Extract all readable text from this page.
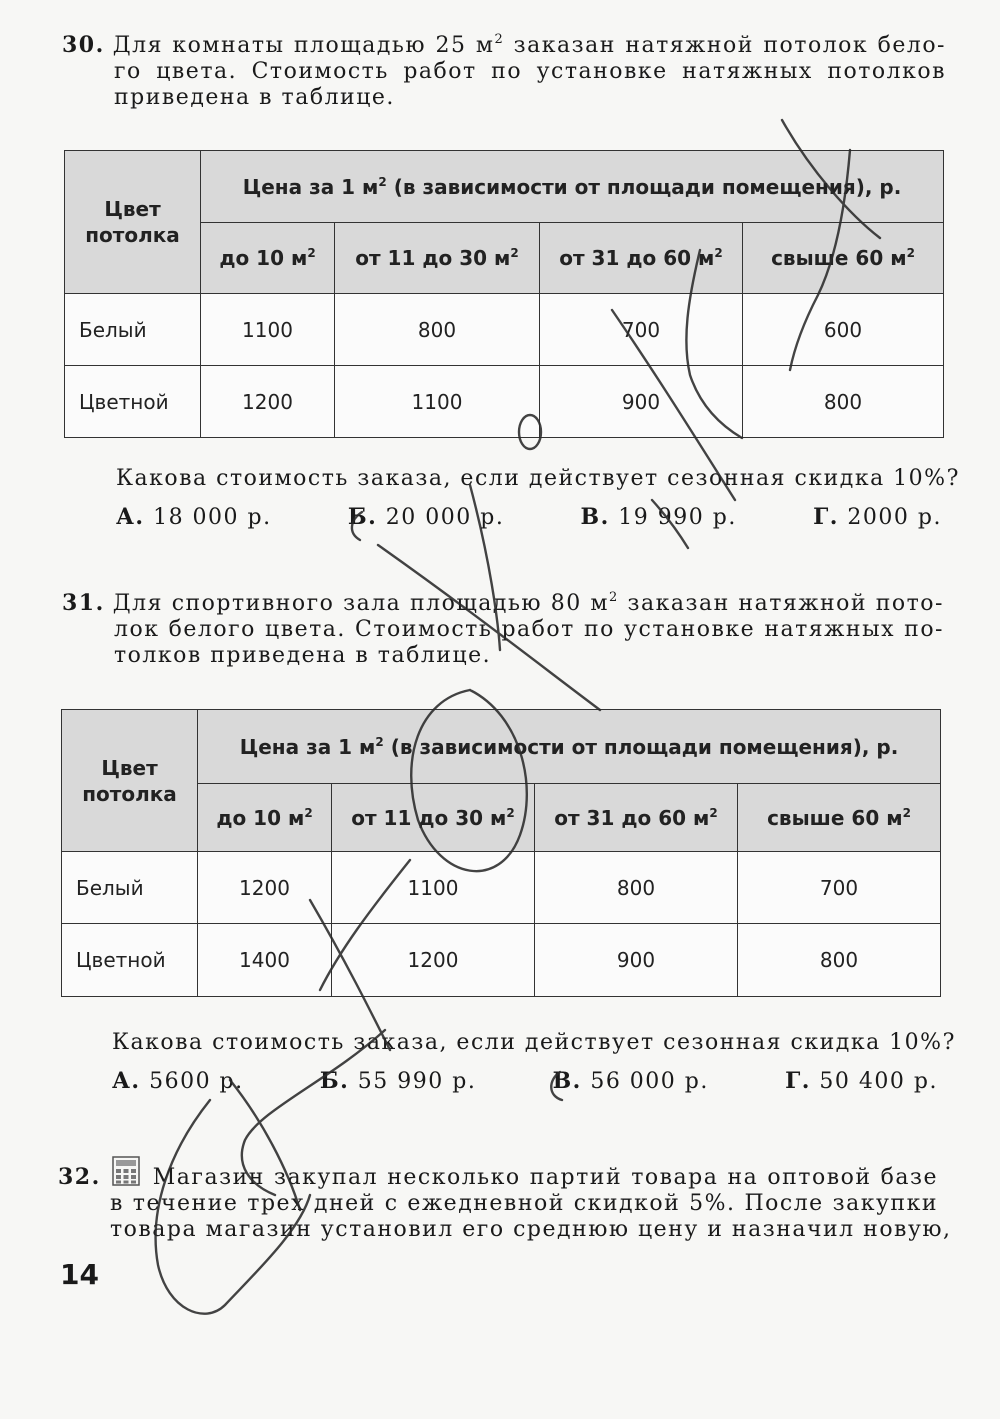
30. Для комнаты площадью 25 $м^2$ заказан натяжной потолок бело-
го цвета. Стоимость работ по установке натяжных потолков
приведена в таблице.
Цвет
потолка	Цена за 1 $м^2$ (в зависимости от площади помещения), р.			
	до 10 $м^2$	от 11 до 30 $м^2$	от 31 до 60 $м^2$	свыше 60 $м^2$
Белый	1100	800	700	600
Цветной	1200	1100	900	800

Какова стоимость заказа, если действует сезонная скидка 10%?

А. 18 000 р.	Б. 20 000 р.	В. 19 990 р.	Г. 2000 р.
31. Для спортивного зала площадью 80 $м^2$ заказан натяжной пото-
лок белого цвета. Стоимость работ по установке натяжных по-
толков приведена в таблице.
Цвет
потолка	Цена за 1 $м^2$ (в зависимости от площади помещения), р.			
	до 10 $м^2$	от 11 до 30 $м^2$	от 31 до 60 $м^2$	свыше 60 $м^2$
Белый	1200	1100	800	700
Цветной	1400	1200	900	800

Какова стоимость заказа, если действует сезонная скидка 10%?

А. 5600 р.	Б. 55 990 р.	В. 56 000 р.	Г. 50 400 р.
32. Магазин закупал несколько партий товара на оптовой базе
в течение трех дней с ежедневной скидкой 5%. После закупки
товара магазин установил его среднюю цену и назначил новую,
14
